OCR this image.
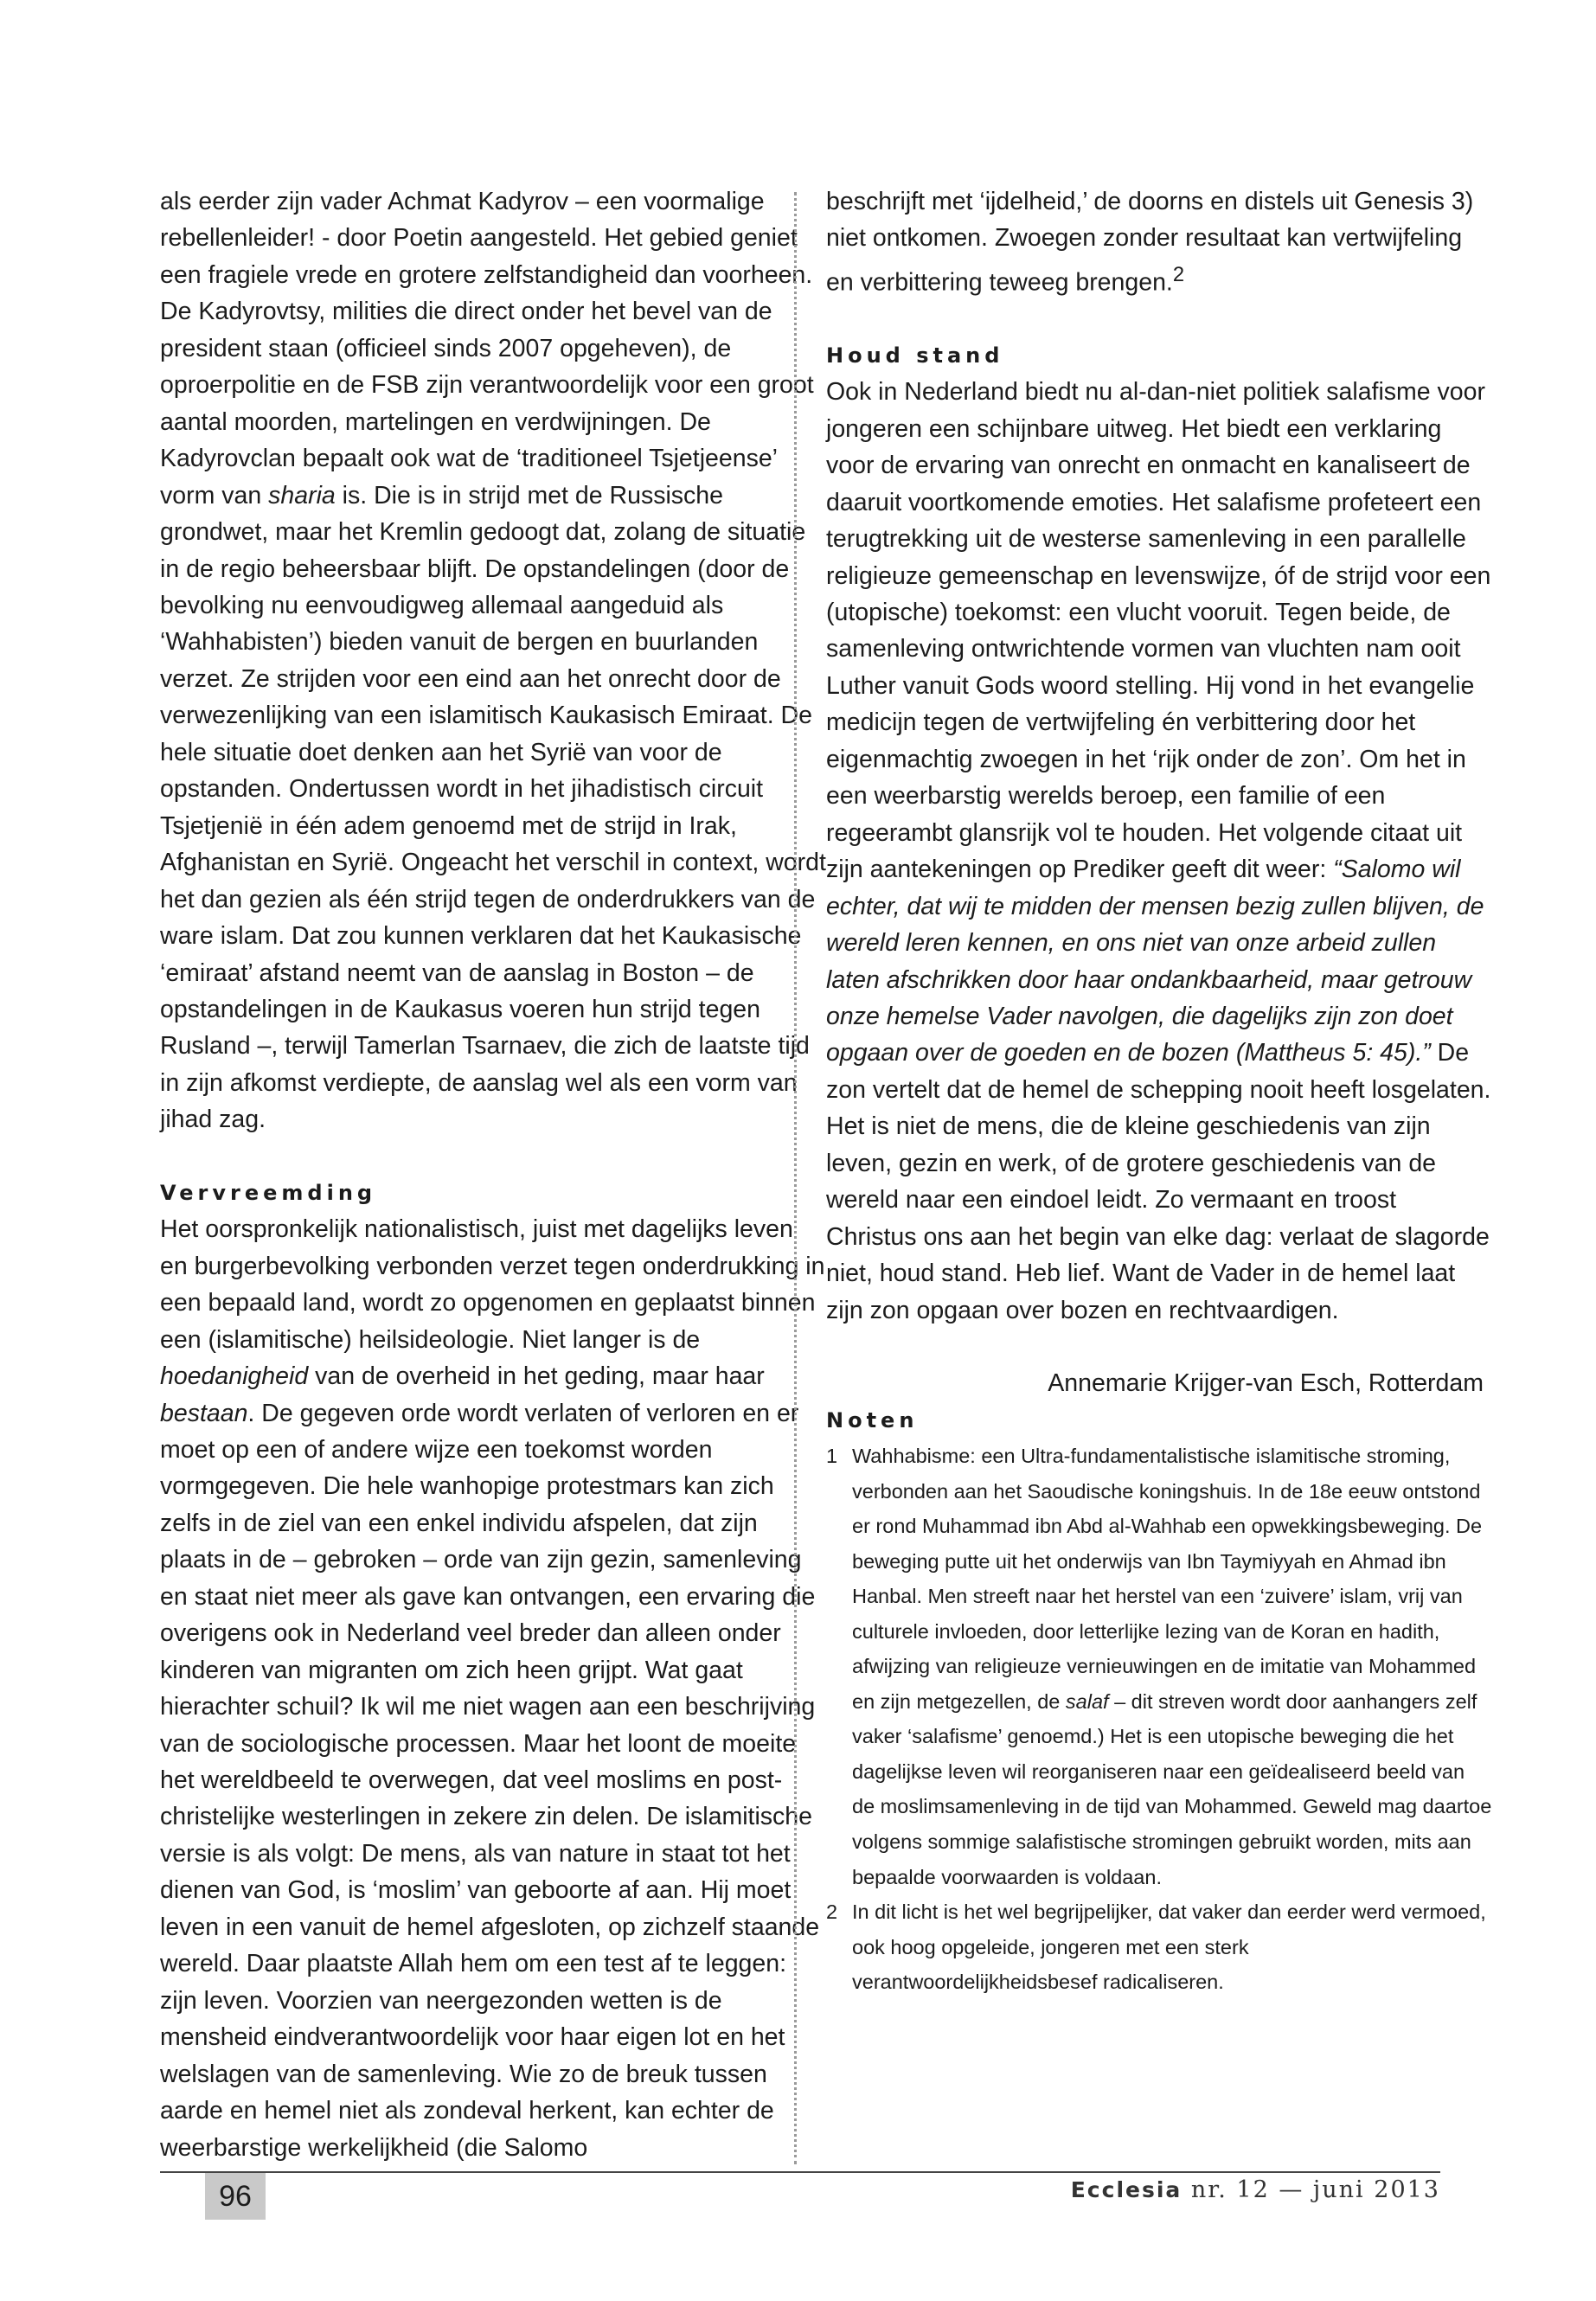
als eerder zijn vader Achmat Kadyrov – een voormalige rebellenleider! - door Poetin aangesteld. Het gebied geniet een fragiele vrede en grotere zelfstandigheid dan voorheen. De Kadyrovtsy, milities die direct onder het bevel van de president staan (officieel sinds 2007 opgeheven), de oproerpolitie en de FSB zijn verantwoordelijk voor een groot aantal moorden, martelingen en verdwijningen. De Kadyrovclan bepaalt ook wat de ‘traditioneel Tsjetjeense’ vorm van sharia is. Die is in strijd met de Russische grondwet, maar het Kremlin gedoogt dat, zolang de situatie in de regio beheersbaar blijft. De opstandelingen (door de bevolking nu eenvoudigweg allemaal aangeduid als ‘Wahhabisten’) bieden vanuit de bergen en buurlanden verzet. Ze strijden voor een eind aan het onrecht door de verwezenlijking van een islamitisch Kaukasisch Emiraat. De hele situatie doet denken aan het Syrië van voor de opstanden. Ondertussen wordt in het jihadistisch circuit Tsjetjenië in één adem genoemd met de strijd in Irak, Afghanistan en Syrië. Ongeacht het verschil in context, wordt het dan gezien als één strijd tegen de onderdrukkers van de ware islam. Dat zou kunnen verklaren dat het Kaukasische ‘emiraat’ afstand neemt van de aanslag in Boston – de opstandelingen in de Kaukasus voeren hun strijd tegen Rusland –, terwijl Tamerlan Tsarnaev, die zich de laatste tijd in zijn afkomst verdiepte, de aanslag wel als een vorm van jihad zag.

Vervreemding

Het oorspronkelijk nationalistisch, juist met dagelijks leven en burgerbevolking verbonden verzet tegen onderdrukking in een bepaald land, wordt zo opgenomen en geplaatst binnen een (islamitische) heilsideologie. Niet langer is de hoedanigheid van de overheid in het geding, maar haar bestaan. De gegeven orde wordt verlaten of verloren en er moet op een of andere wijze een toekomst worden vormgegeven. Die hele wanhopige protestmars kan zich zelfs in de ziel van een enkel individu afspelen, dat zijn plaats in de – gebroken – orde van zijn gezin, samenleving en staat niet meer als gave kan ontvangen, een ervaring die overigens ook in Nederland veel breder dan alleen onder kinderen van migranten om zich heen grijpt. Wat gaat hierachter schuil? Ik wil me niet wagen aan een beschrijving van de sociologische processen. Maar het loont de moeite het wereldbeeld te overwegen, dat veel moslims en post-christelijke westerlingen in zekere zin delen. De islamitische versie is als volgt: De mens, als van nature in staat tot het dienen van God, is ‘moslim’ van geboorte af aan. Hij moet leven in een vanuit de hemel afgesloten, op zichzelf staande wereld. Daar plaatste Allah hem om een test af te leggen: zijn leven. Voorzien van neergezonden wetten is de mensheid eindverantwoordelijk voor haar eigen lot en het welslagen van de samenleving. Wie zo de breuk tussen aarde en hemel niet als zondeval herkent, kan echter de weerbarstige werkelijkheid (die Salomo

beschrijft met ‘ijdelheid,’ de doorns en distels uit Genesis 3) niet ontkomen. Zwoegen zonder resultaat kan vertwijfeling en verbittering teweeg brengen.$^2$

Houd stand

Ook in Nederland biedt nu al-dan-niet politiek salafisme voor jongeren een schijnbare uitweg. Het biedt een verklaring voor de ervaring van onrecht en onmacht en kanaliseert de daaruit voortkomende emoties. Het salafisme profeteert een terugtrekking uit de westerse samenleving in een parallelle religieuze gemeenschap en levenswijze, óf de strijd voor een (utopische) toekomst: een vlucht vooruit. Tegen beide, de samenleving ontwrichtende vormen van vluchten nam ooit Luther vanuit Gods woord stelling. Hij vond in het evangelie medicijn tegen de vertwijfeling én verbittering door het eigenmachtig zwoegen in het ‘rijk onder de zon’. Om het in een weerbarstig werelds beroep, een familie of een regeerambt glansrijk vol te houden. Het volgende citaat uit zijn aantekeningen op Prediker geeft dit weer: “Salomo wil echter, dat wij te midden der mensen bezig zullen blijven, de wereld leren kennen, en ons niet van onze arbeid zullen laten afschrikken door haar ondankbaarheid, maar getrouw onze hemelse Vader navolgen, die dagelijks zijn zon doet opgaan over de goeden en de bozen (Mattheus 5: 45).” De zon vertelt dat de hemel de schepping nooit heeft losgelaten. Het is niet de mens, die de kleine geschiedenis van zijn leven, gezin en werk, of de grotere geschiedenis van de wereld naar een eindoel leidt. Zo vermaant en troost Christus ons aan het begin van elke dag: verlaat de slagorde niet, houd stand. Heb lief. Want de Vader in de hemel laat zijn zon opgaan over bozen en rechtvaardigen.

Annemarie Krijger-van Esch, Rotterdam

Noten

1 Wahhabisme: een Ultra-fundamentalistische islamitische stroming, verbonden aan het Saoudische koningshuis. In de 18e eeuw ontstond er rond Muhammad ibn Abd al-Wahhab een opwekkingsbeweging. De beweging putte uit het onderwijs van Ibn Taymiyyah en Ahmad ibn Hanbal. Men streeft naar het herstel van een ‘zuivere’ islam, vrij van culturele invloeden, door letterlijke lezing van de Koran en hadith, afwijzing van religieuze vernieuwingen en de imitatie van Mohammed en zijn metgezellen, de salaf – dit streven wordt door aanhangers zelf vaker ‘salafisme’ genoemd.) Het is een utopische beweging die het dagelijkse leven wil reorganiseren naar een geïdealiseerd beeld van de moslimsamenleving in de tijd van Mohammed. Geweld mag daartoe volgens sommige salafistische stromingen gebruikt worden, mits aan bepaalde voorwaarden is voldaan.
2 In dit licht is het wel begrijpelijker, dat vaker dan eerder werd vermoed, ook hoog opgeleide, jongeren met een sterk verantwoordelijkheidsbesef radicaliseren.
96	Ecclesia nr. 12 — juni 2013
